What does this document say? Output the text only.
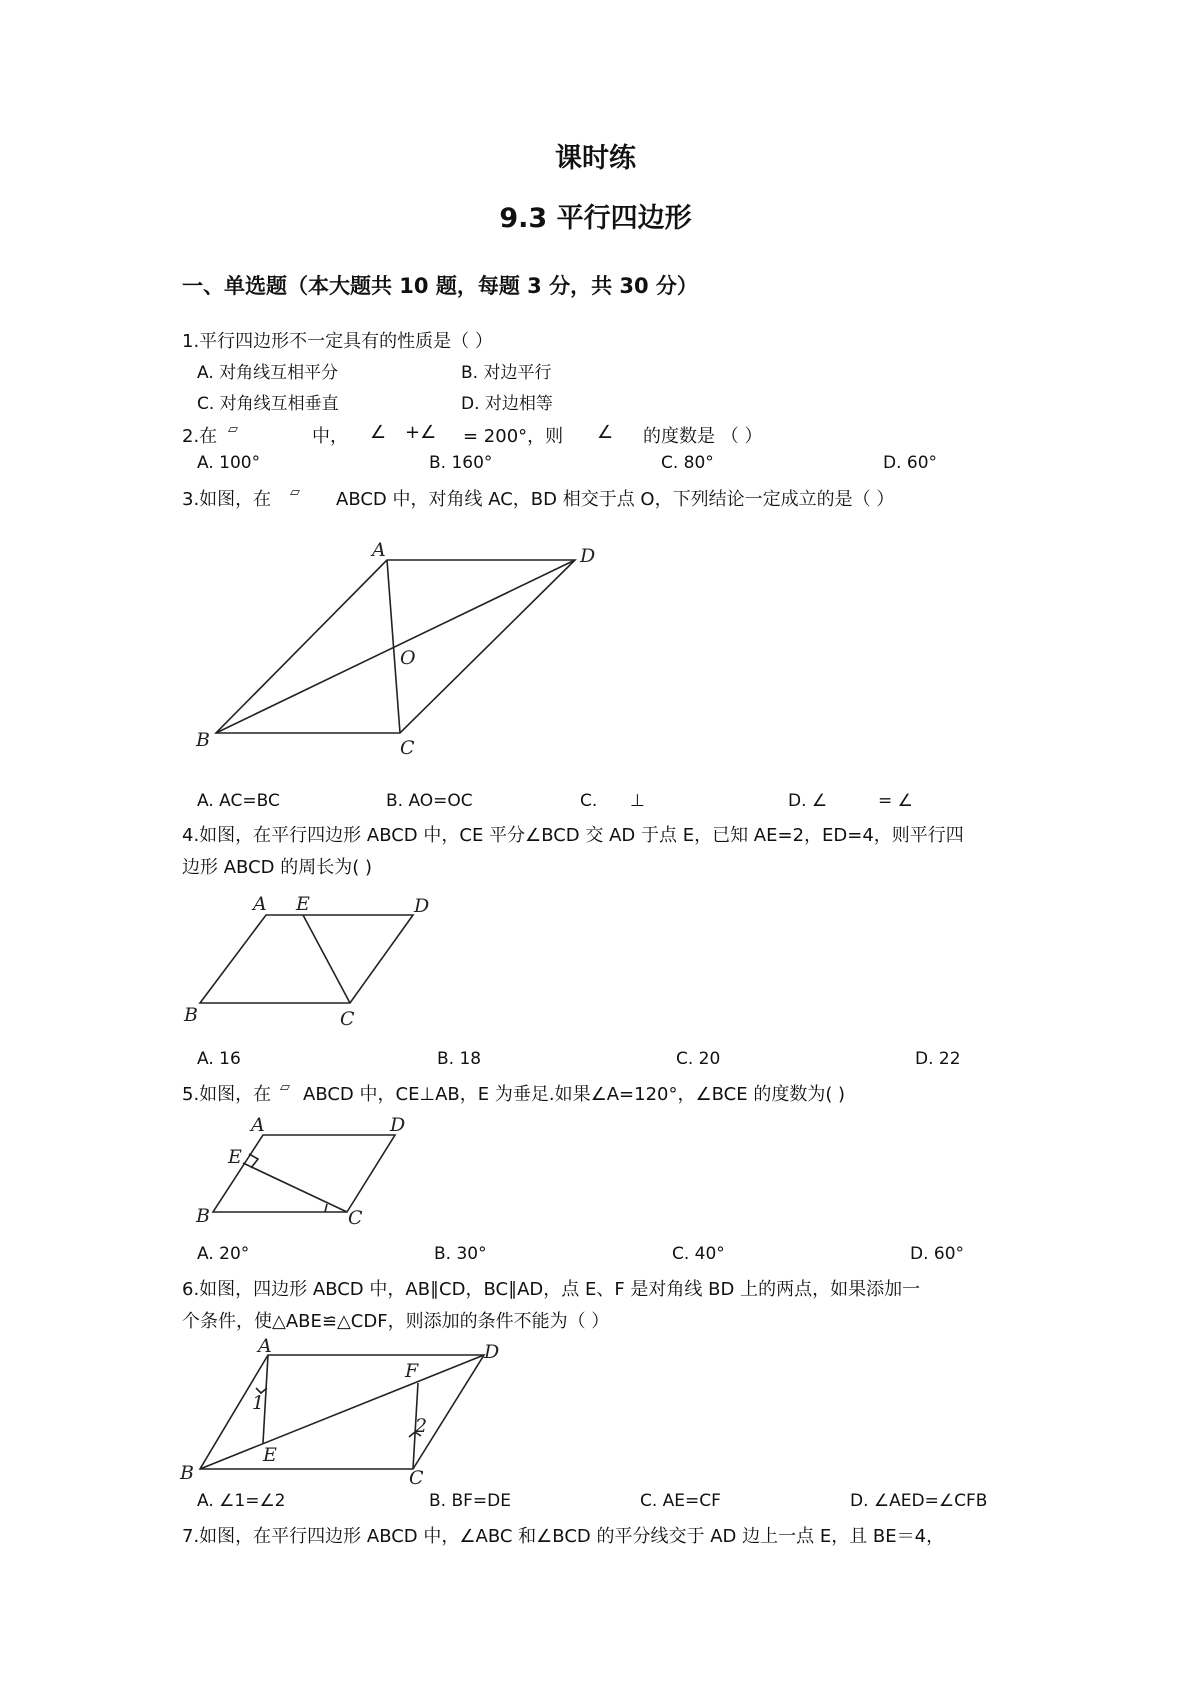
课时练
9.3 平行四边形
一、单选题（本大题共 10 题，每题 3 分，共 30 分）
1.平行四边形不一定具有的性质是（ ）
A. 对角线互相平分	B. 对边平行
C. 对角线互相垂直	D. 对边相等
2.在 ▱	中， ∠ +∠ = 200°，则 ∠ 的度数是 （ ）
A. 100°	B. 160°	C. 80°	D. 60°
3.如图，在 ▱ ABCD 中，对角线 AC，BD 相交于点 O，下列结论一定成立的是（ ）
A	D
O
B	C
A. AC=BC	B. AO=OC	C. ⊥	D. ∠	= ∠
4.如图，在平行四边形 ABCD 中，CE 平分∠BCD 交 AD 于点 E，已知 AE=2，ED=4，则平行四
边形 ABCD 的周长为( )
A E	D
B	C
A. 16	B. 18	C. 20	D. 22
5.如图，在 ▱ ABCD 中，CE⊥AB，E 为垂足.如果∠A=120°，∠BCE 的度数为( )
A	D
E
B	C
A. 20°	B. 30°	C. 40°	D. 60°
6.如图，四边形 ABCD 中，AB∥CD，BC∥AD，点 E、F 是对角线 BD 上的两点，如果添加一
个条件，使△ABE≌△CDF，则添加的条件不能为（ ）
A	D
F
1
2
E
B	C
A. ∠1=∠2	B. BF=DE	C. AE=CF	D. ∠AED=∠CFB
7.如图，在平行四边形 ABCD 中，∠ABC 和∠BCD 的平分线交于 AD 边上一点 E，且 BE＝4，
